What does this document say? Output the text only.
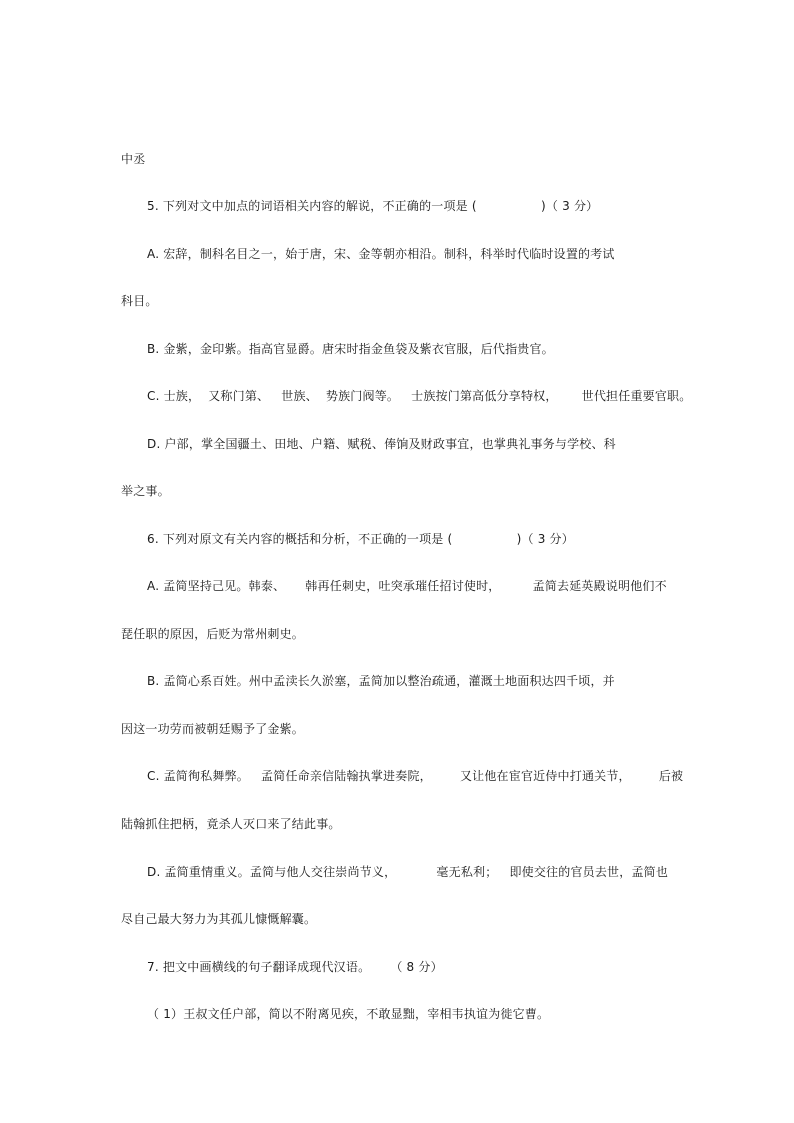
中丞
5. 下列对文中加点的词语相关内容的解说，不正确的一项是 (                )（ 3 分）
A. 宏辞，制科名目之一，始于唐，宋、金等朝亦相沿。制科，科举时代临时设置的考试
科目。
B. 金紫，金印紫。指高官显爵。唐宋时指金鱼袋及紫衣官服，后代指贵官。
C. 士族，  又称门第、   世族、  势族门阀等。   士族按门第高低分享特权，      世代担任重要官职。
D. 户部，掌全国疆土、田地、户籍、赋税、俸饷及财政事宜，也掌典礼事务与学校、科
举之事。
6. 下列对原文有关内容的概括和分析，不正确的一项是 (                )（ 3 分）
A. 孟简坚持己见。韩泰、     韩再任刺史，吐突承璀任招讨使时，        孟简去延英殿说明他们不
琵任职的原因，后贬为常州刺史。
B. 孟简心系百姓。州中孟渎长久淤塞，孟简加以整治疏通，灌溉土地面积达四千顷，并
因这一功劳而被朝廷赐予了金紫。
C. 孟简徇私舞弊。   孟简任命亲信陆翰执掌进奏院，       又让他在宦官近侍中打通关节，       后被
陆翰抓住把柄，竟杀人灭口来了结此事。
D. 孟简重情重义。孟简与他人交往崇尚节义，          毫无私利；   即使交往的官员去世，孟简也
尽自己最大努力为其孤儿慷慨解囊。
7. 把文中画横线的句子翻译成现代汉语。     （ 8 分）
（ 1）王叔文任户部，简以不附离见疾，不敢显黜，宰相韦执谊为徙它曹。
